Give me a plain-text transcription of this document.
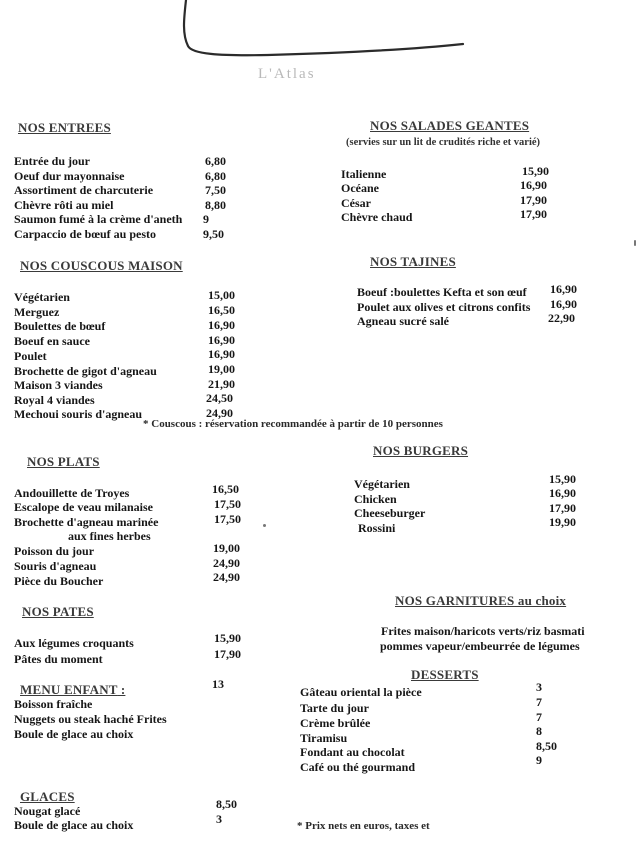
L'Atlas
NOS ENTREES
Entrée du jour	6,80
Oeuf dur mayonnaise	6,80
Assortiment de charcuterie	7,50
Chèvre rôti au miel	8,80
Saumon fumé à la crème d'aneth 9
Carpaccio de bœuf au pesto	9,50
NOS COUSCOUS MAISON
Végétarien	15,00
Merguez	16,50
Boulettes de bœuf	16,90
Boeuf en sauce	16,90
Poulet	16,90
Brochette de gigot d'agneau	19,00
Maison 3 viandes	21,90
Royal 4 viandes	24,50
Mechoui souris d'agneau	24,90
* Couscous : réservation recommandée à partir de 10 personnes
NOS PLATS
Andouillette de Troyes	16,50
Escalope de veau milanaise	17,50
Brochette d'agneau marinée	17,50
aux fines herbes
Poisson du jour	19,00
Souris d'agneau	24,90
Pièce du Boucher	24,90
NOS PATES
Aux légumes croquants	15,90
Pâtes du moment	17,90
MENU ENFANT :	13
Boisson fraîche
Nuggets ou steak haché Frites
Boule de glace au choix
GLACES
Nougat glacé	8,50
Boule de glace au choix	3
NOS SALADES GEANTES
(servies sur un lit de crudités riche et varié)
Italienne	15,90
Océane	16,90
César	17,90
Chèvre chaud	17,90
NOS TAJINES
Boeuf :boulettes Kefta et son œuf 16,90
Poulet aux olives et citrons confits 16,90
Agneau sucré salé	22,90
NOS BURGERS
Végétarien	15,90
Chicken	16,90
Cheeseburger	17,90
Rossini	19,90
NOS GARNITURES au choix
Frites maison/haricots verts/riz basmati
pommes vapeur/embeurrée de légumes
DESSERTS
Gâteau oriental la pièce	3
Tarte du jour	7
Crème brûlée	7
Tiramisu	8
Fondant au chocolat	8,50
Café ou thé gourmand	9
* Prix nets en euros, taxes et
